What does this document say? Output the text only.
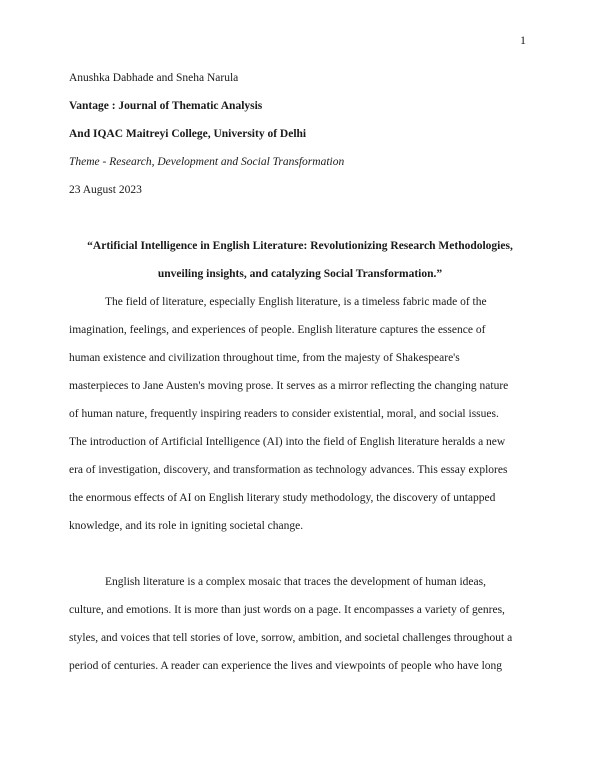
1
Anushka Dabhade and Sneha Narula
Vantage : Journal of Thematic Analysis
And IQAC Maitreyi College, University of Delhi
Theme - Research, Development and Social Transformation
23 August 2023
“Artificial Intelligence in English Literature: Revolutionizing Research Methodologies,
unveiling insights, and catalyzing Social Transformation.”
The field of literature, especially English literature, is a timeless fabric made of the
imagination, feelings, and experiences of people. English literature captures the essence of
human existence and civilization throughout time, from the majesty of Shakespeare's
masterpieces to Jane Austen's moving prose. It serves as a mirror reflecting the changing nature
of human nature, frequently inspiring readers to consider existential, moral, and social issues.
The introduction of Artificial Intelligence (AI) into the field of English literature heralds a new
era of investigation, discovery, and transformation as technology advances. This essay explores
the enormous effects of AI on English literary study methodology, the discovery of untapped
knowledge, and its role in igniting societal change.
English literature is a complex mosaic that traces the development of human ideas,
culture, and emotions. It is more than just words on a page. It encompasses a variety of genres,
styles, and voices that tell stories of love, sorrow, ambition, and societal challenges throughout a
period of centuries. A reader can experience the lives and viewpoints of people who have long
